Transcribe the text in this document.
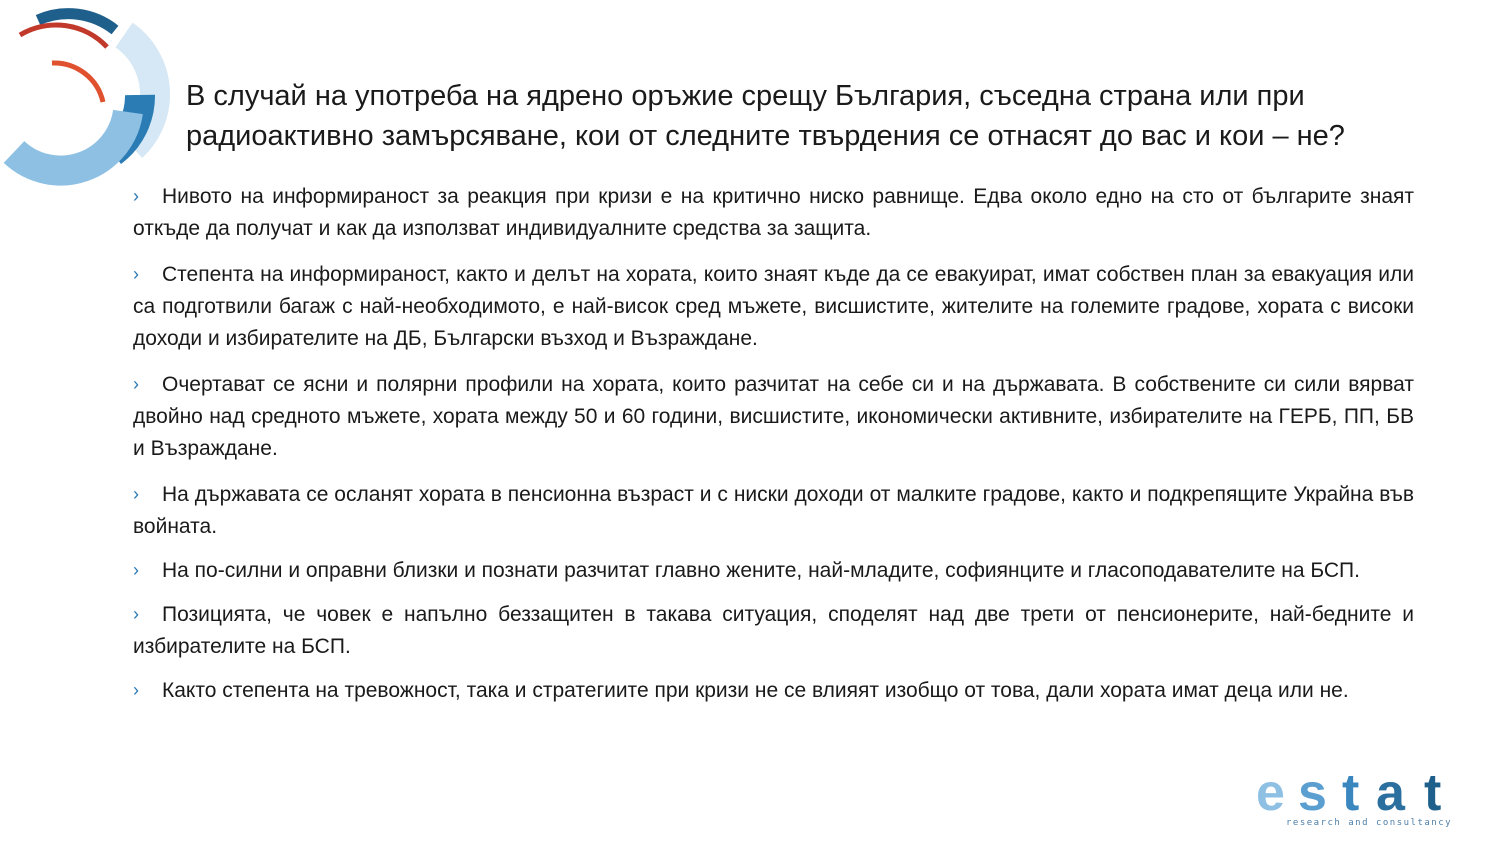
В случай на употреба на ядрено оръжие срещу България, съседна страна или при радиоактивно замърсяване, кои от следните твърдения се отнасят до вас и кои – не?
› Нивото на информираност за реакция при кризи е на критично ниско равнище. Едва около едно на сто от българите знаят откъде да получат и как да използват индивидуалните средства за защита.
› Степента на информираност, както и делът на хората, които знаят къде да се евакуират, имат собствен план за евакуация или са подготвили багаж с най-необходимото, е най-висок сред мъжете, висшистите, жителите на големите градове, хората с високи доходи и избирателите на ДБ, Български възход и Възраждане.
› Очертават се ясни и полярни профили на хората, които разчитат на себе си и на държавата. В собствените си сили вярват двойно над средното мъжете, хората между 50 и 60 години, висшистите, икономически активните, избирателите на ГЕРБ, ПП, БВ и Възраждане.
› На държавата се осланят хората в пенсионна възраст и с ниски доходи от малките градове, както и подкрепящите Украйна във войната.
› На по-силни и оправни близки и познати разчитат главно жените, най-младите, софиянците и гласоподавателите на БСП.
› Позицията, че човек е напълно беззащитен в такава ситуация, споделят над две трети от пенсионерите, най-бедните и избирателите на БСП.
› Както степента на тревожност, така и стратегиите при кризи не се влияят изобщо от това, дали хората имат деца или не.
e s t a t
research and consultancy
